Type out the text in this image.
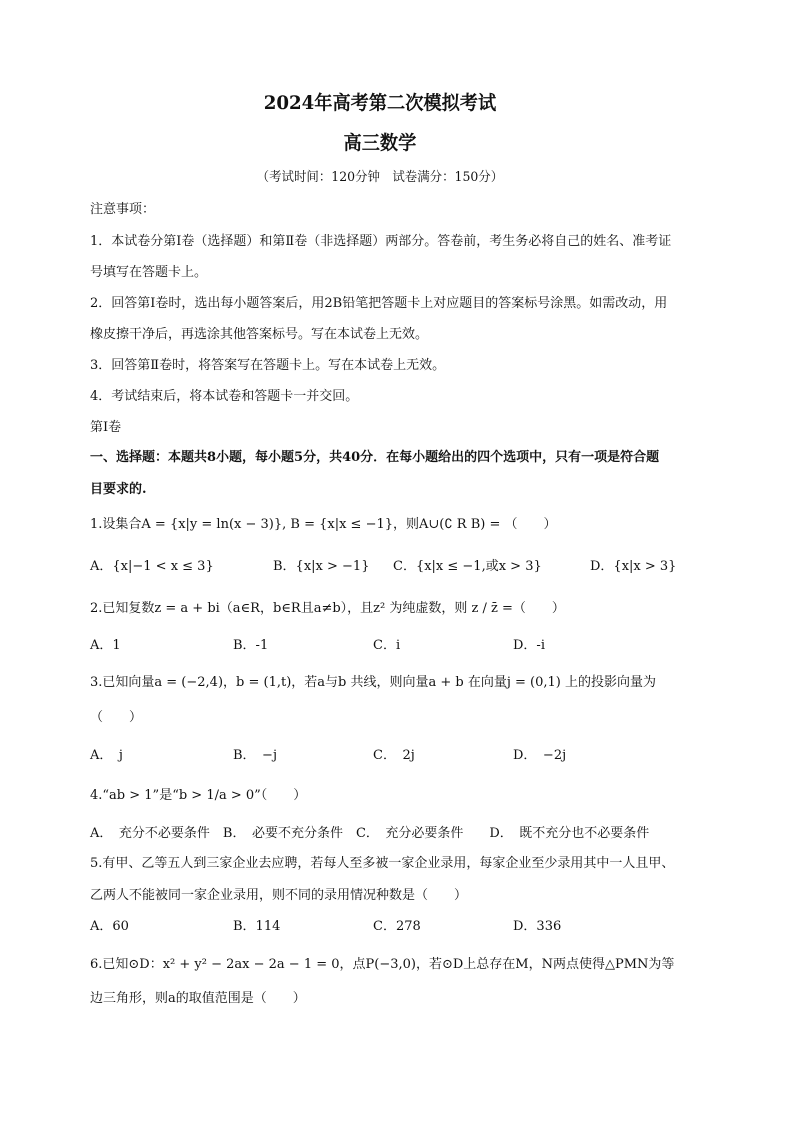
2024年高考第二次模拟考试
高三数学
（考试时间：120分钟　试卷满分：150分）
注意事项：
1．本试卷分第Ⅰ卷（选择题）和第Ⅱ卷（非选择题）两部分。答卷前，考生务必将自己的姓名、准考证
号填写在答题卡上。
2．回答第Ⅰ卷时，选出每小题答案后，用2B铅笔把答题卡上对应题目的答案标号涂黑。如需改动，用
橡皮擦干净后，再选涂其他答案标号。写在本试卷上无效。
3．回答第Ⅱ卷时，将答案写在答题卡上。写在本试卷上无效。
4．考试结束后，将本试卷和答题卡一并交回。
第Ⅰ卷
一、选择题：本题共8小题，每小题5分，共40分．在每小题给出的四个选项中，只有一项是符合题
目要求的.
1.设集合A = {x|y = ln(x − 3)}, B = {x|x ≤ −1}，则A∪(∁ R B) = （　　）
A．{x|−1 < x ≤ 3}	B．{x|x > −1} C．{x|x ≤ −1,或x > 3}	D．{x|x > 3}
2.已知复数z = a + bi（a∈R，b∈R且a≠b），且z² 为纯虚数，则 z / z̄ =（　　）
A．1	B．-1	C．i	D．-i
3.已知向量a = (−2,4)，b = (1,t)，若a与b 共线，则向量a + b 在向量j = (0,1) 上的投影向量为
（　　）
A．　j	B．　−j	C．　2j	D．　−2j
4.“ab > 1”是“b > 1/a > 0”（　　）
A．　充分不必要条件　B．　必要不充分条件　C．　充分必要条件　　D．　既不充分也不必要条件
5.有甲、乙等五人到三家企业去应聘，若每人至多被一家企业录用，每家企业至少录用其中一人且甲、
乙两人不能被同一家企业录用，则不同的录用情况种数是（　　）
A．60	B．114	C．278	D．336
6.已知⊙D：x² + y² − 2ax − 2a − 1 = 0，点P(−3,0)，若⊙D上总存在M，N两点使得△PMN为等
边三角形，则a的取值范围是（　　）
